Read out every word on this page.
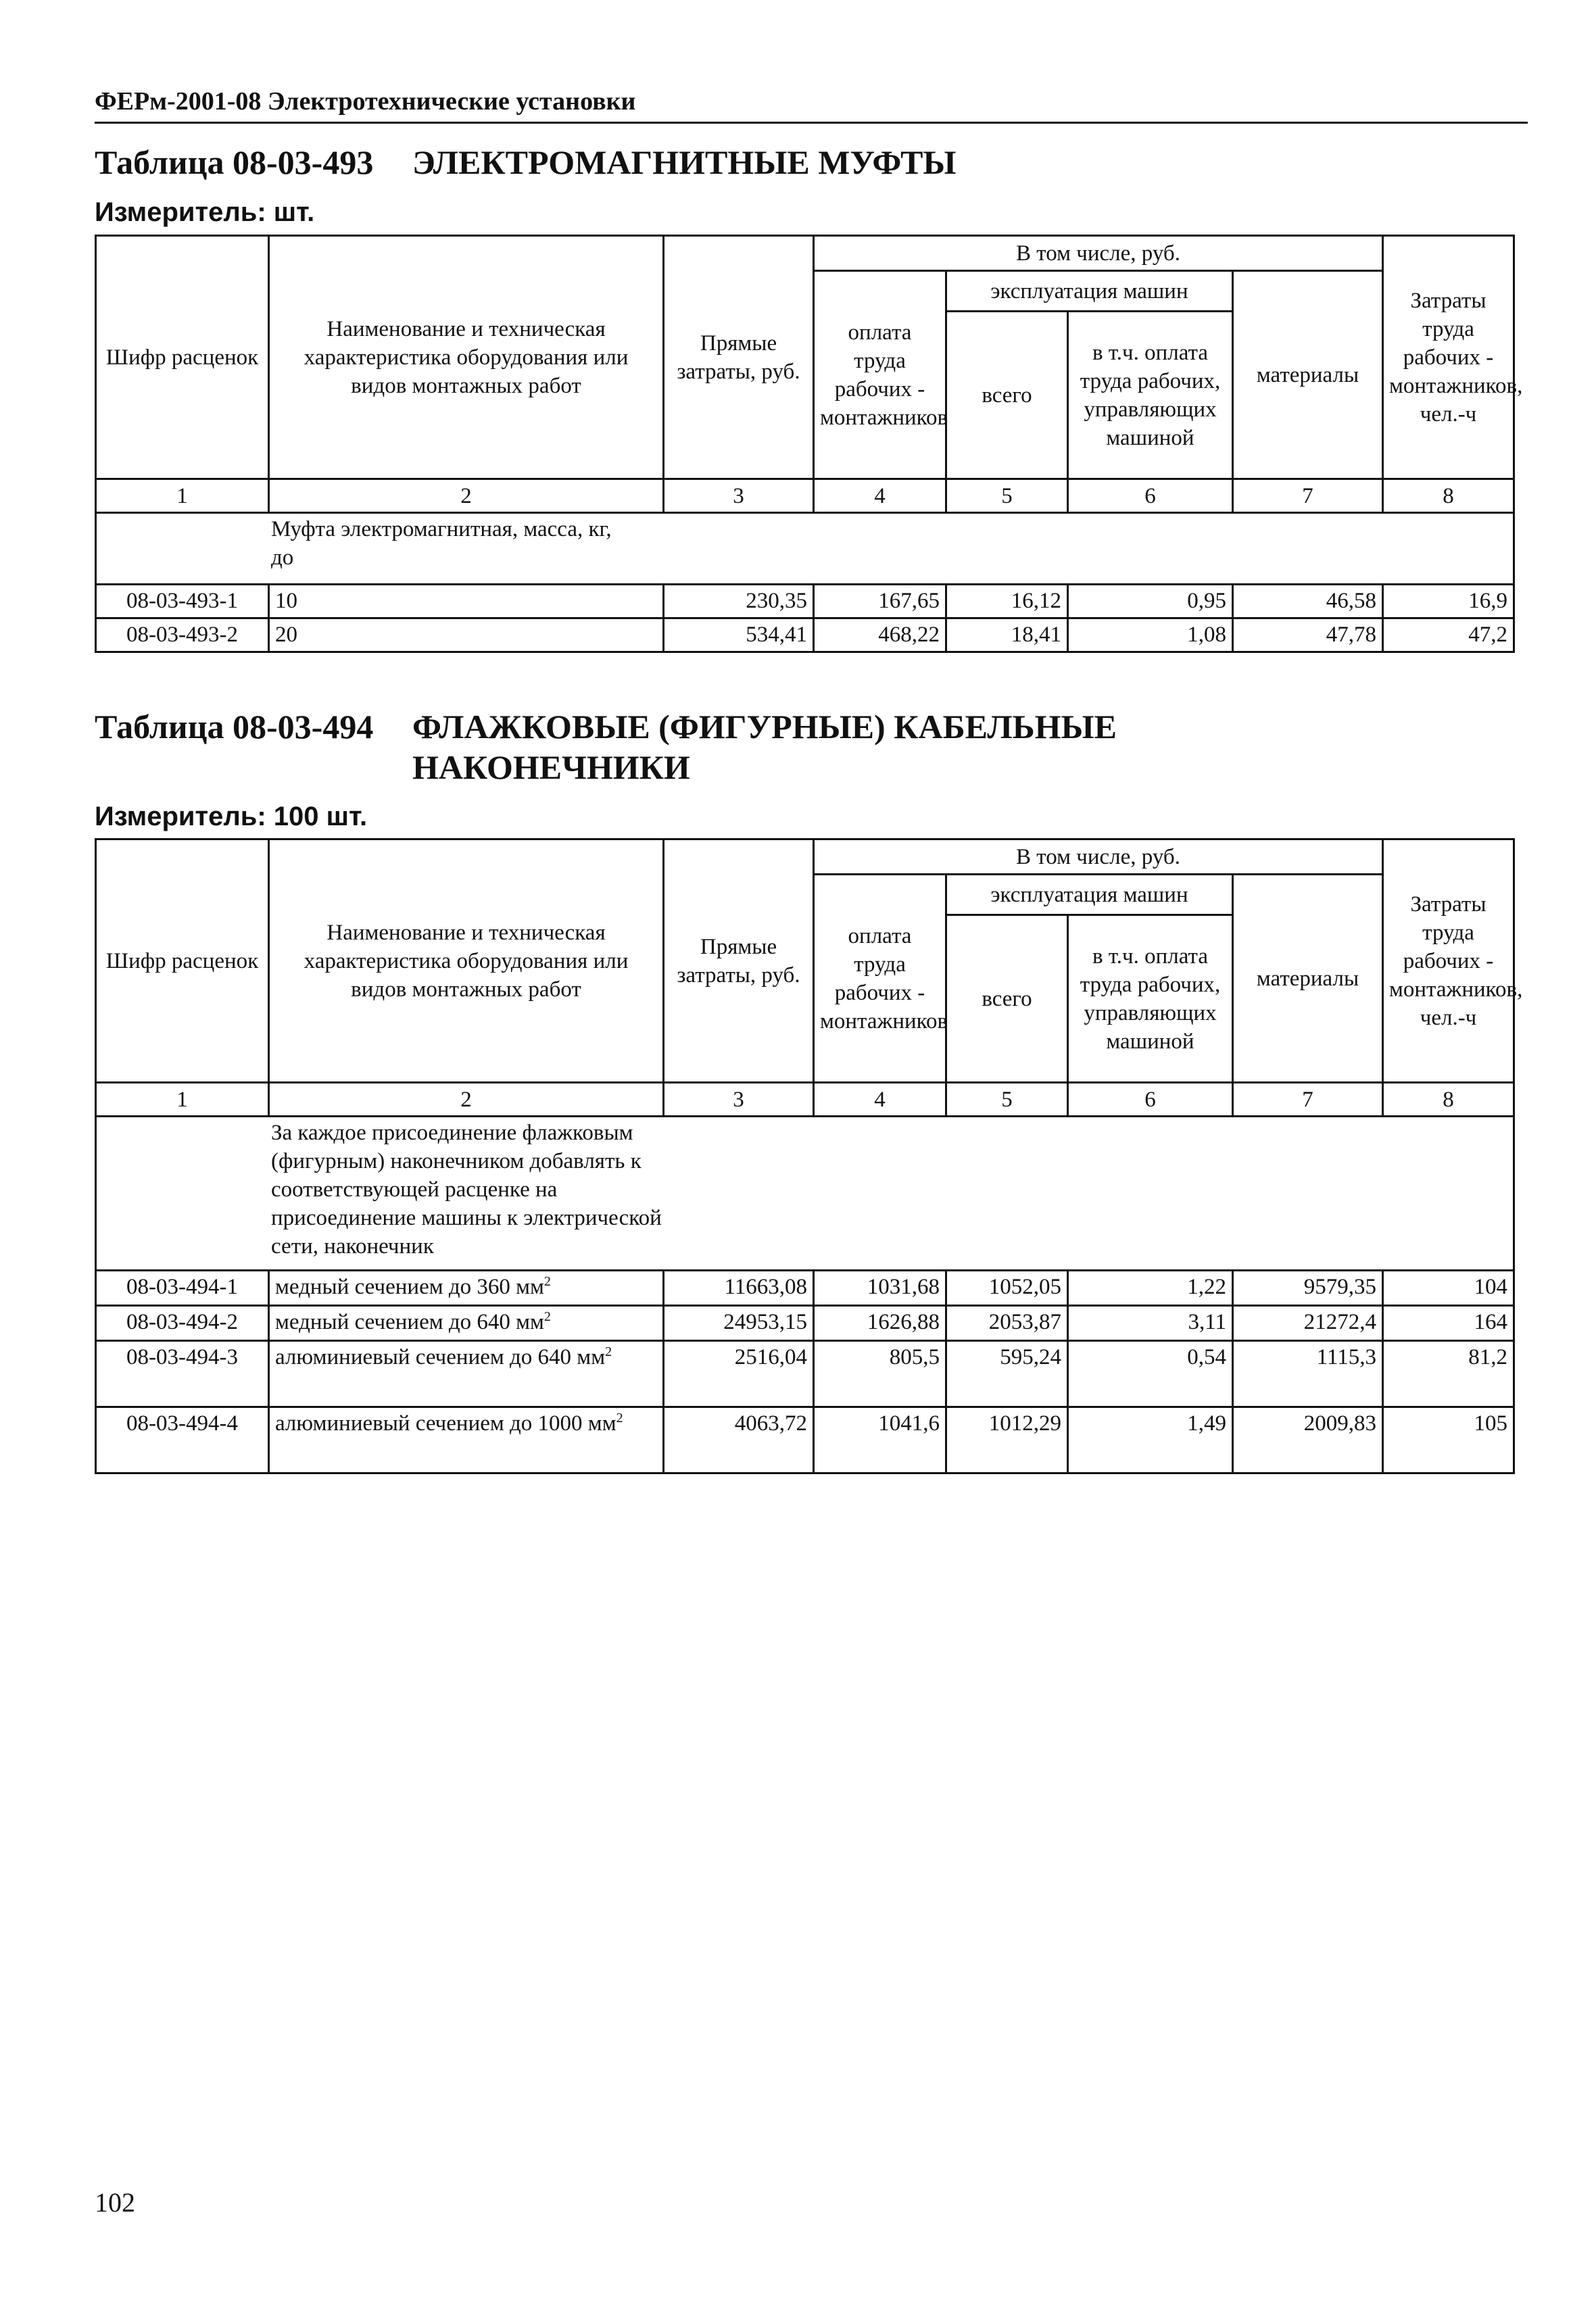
ФЕРм-2001-08 Электротехнические установки
Таблица 08-03-493 ЭЛЕКТРОМАГНИТНЫЕ МУФТЫ
Измеритель: шт.
Шифр расценок	Наименование и техническая характеристика оборудования или видов монтажных работ	Прямые затраты, руб.	В том числе, руб.				Затраты труда рабочих - монтажников,
чел.-ч
			оплата труда рабочих - монтажников	эксплуатация машин		материалы	
				всего	в т.ч. оплата труда рабочих, управляющих машиной		
1	2	3	4	5	6	7	8

Муфта электромагнитная, масса, кг, до							

08-03-493-1	10	230,35	167,65	16,12	0,95	46,58	16,9
08-03-493-2	20	534,41	468,22	18,41	1,08	47,78	47,2
Таблица 08-03-494 ФЛАЖКОВЫЕ (ФИГУРНЫЕ) КАБЕЛЬНЫЕ НАКОНЕЧНИКИ
Измеритель: 100 шт.
Шифр расценок	Наименование и техническая характеристика оборудования или видов монтажных работ	Прямые затраты, руб.	В том числе, руб.				Затраты труда рабочих - монтажников,
чел.-ч
			оплата труда рабочих - монтажников	эксплуатация машин		материалы	
				всего	в т.ч. оплата труда рабочих, управляющих машиной		
1	2	3	4	5	6	7	8

За каждое присоединение флажковым (фигурным) наконечником добавлять к соответствующей расценке на присоединение машины к электрической сети, наконечник							

08-03-494-1	медный сечением до 360 $мм^2$	11663,08	1031,68	1052,05	1,22	9579,35	104
08-03-494-2	медный сечением до 640 $мм^2$	24953,15	1626,88	2053,87	3,11	21272,4	164
08-03-494-3	алюминиевый сечением до 640 $мм^2$	2516,04	805,5	595,24	0,54	1115,3	81,2
08-03-494-4	алюминиевый сечением до 1000 $мм^2$	4063,72	1041,6	1012,29	1,49	2009,83	105
102
